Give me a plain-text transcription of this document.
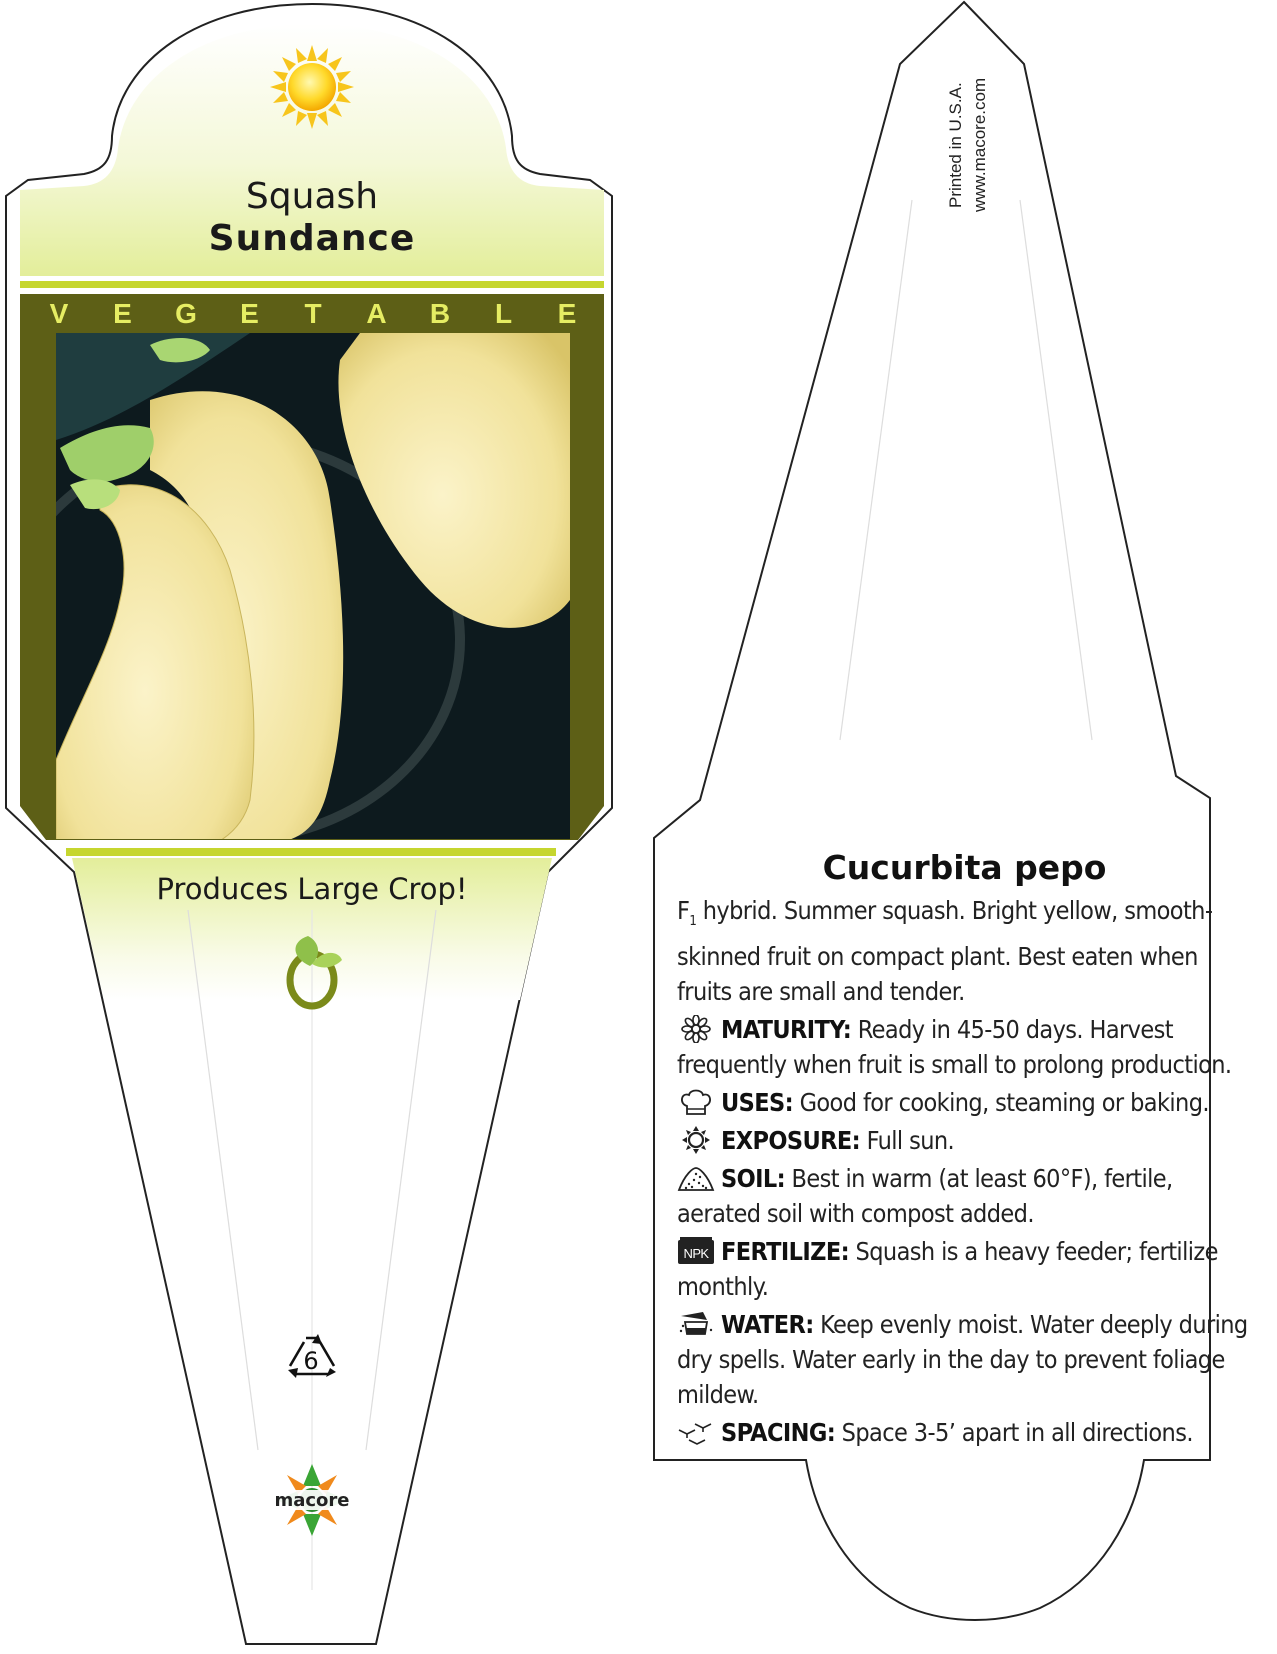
Squash
Sundance
V E G E T A B L E
Produces Large Crop!
6
macore
Printed in U.S.A. www.macore.com
Cucurbita pepo

$F_1$ hybrid. Summer squash. Bright yellow, smooth-skinned fruit on compact plant. Best eaten when fruits are small and tender.

MATURITY: Ready in 45-50 days. Harvest frequently when fruit is small to prolong production.

USES: Good for cooking, steaming or baking.

EXPOSURE: Full sun.

SOIL: Best in warm (at least 60°F), fertile, aerated soil with compost added.

NPK FERTILIZE: Squash is a heavy feeder; fertilize monthly.

WATER: Keep evenly moist. Water deeply during dry spells. Water early in the day to prevent foliage mildew.

SPACING: Space 3-5’ apart in all directions.
